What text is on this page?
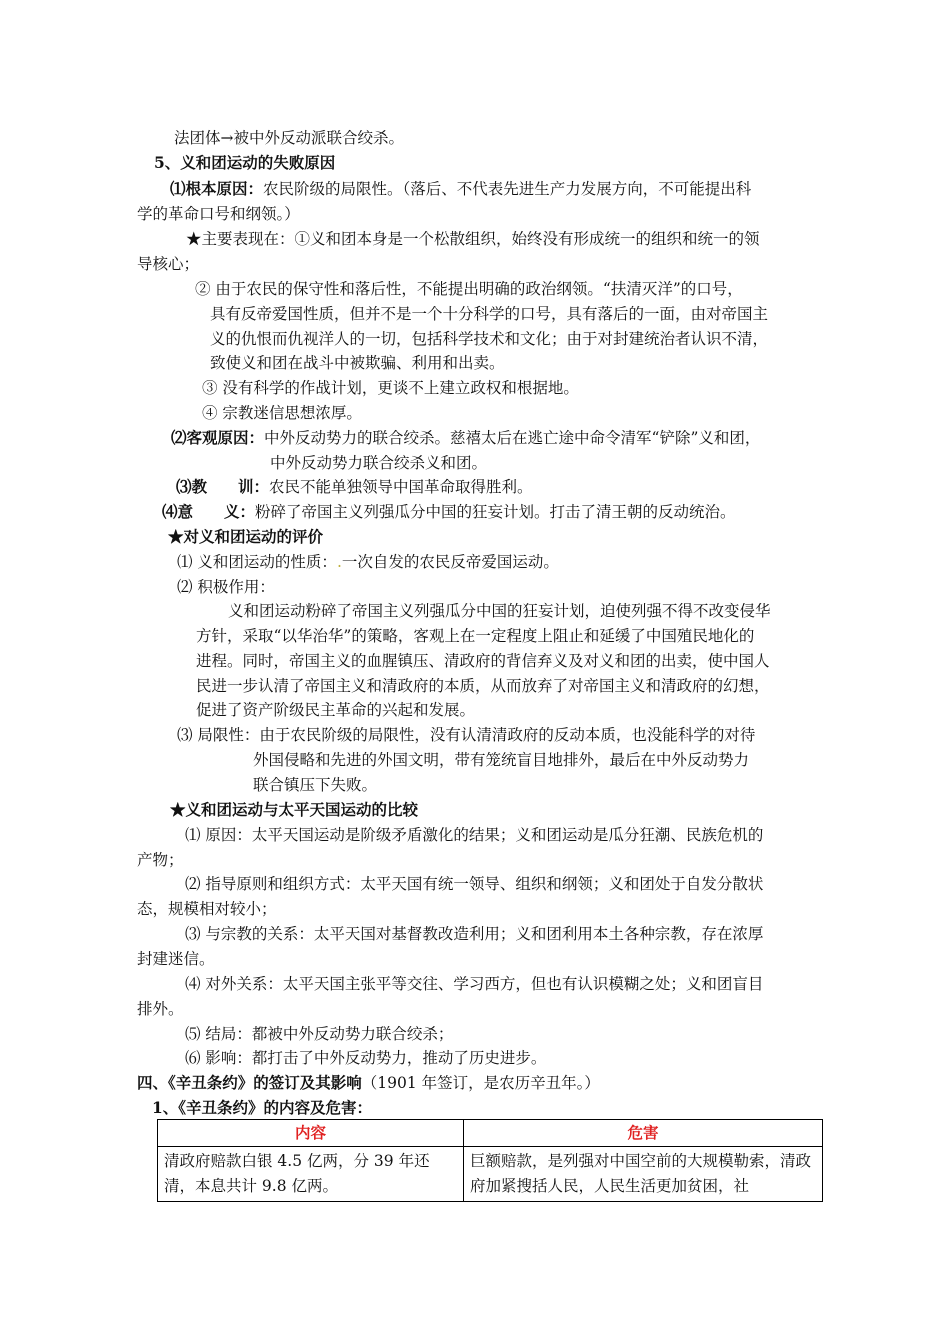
法团体→被中外反动派联合绞杀。
5、义和团运动的失败原因
⑴根本原因：农民阶级的局限性。（落后、不代表先进生产力发展方向，不可能提出科
学的革命口号和纲领。）
★主要表现在：①义和团本身是一个松散组织，始终没有形成统一的组织和统一的领
导核心；
② 由于农民的保守性和落后性，不能提出明确的政治纲领。“扶清灭洋”的口号，
具有反帝爱国性质，但并不是一个十分科学的口号，具有落后的一面，由对帝国主
义的仇恨而仇视洋人的一切，包括科学技术和文化；由于对封建统治者认识不清，
致使义和团在战斗中被欺骗、利用和出卖。
③ 没有科学的作战计划，更谈不上建立政权和根据地。
④ 宗教迷信思想浓厚。
⑵客观原因：中外反动势力的联合绞杀。慈禧太后在逃亡途中命令清军“铲除”义和团，
中外反动势力联合绞杀义和团。
⑶教　　训：农民不能单独领导中国革命取得胜利。
⑷意　　义：粉碎了帝国主义列强瓜分中国的狂妄计划。打击了清王朝的反动统治。
★对义和团运动的评价
⑴ 义和团运动的性质：.一次自发的农民反帝爱国运动。
⑵ 积极作用：
义和团运动粉碎了帝国主义列强瓜分中国的狂妄计划，迫使列强不得不改变侵华
方针，采取“以华治华”的策略，客观上在一定程度上阻止和延缓了中国殖民地化的
进程。同时，帝国主义的血腥镇压、清政府的背信弃义及对义和团的出卖，使中国人
民进一步认清了帝国主义和清政府的本质，从而放弃了对帝国主义和清政府的幻想，
促进了资产阶级民主革命的兴起和发展。
⑶ 局限性：由于农民阶级的局限性，没有认清清政府的反动本质，也没能科学的对待
外国侵略和先进的外国文明，带有笼统盲目地排外，最后在中外反动势力
联合镇压下失败。
★义和团运动与太平天国运动的比较
⑴ 原因：太平天国运动是阶级矛盾激化的结果；义和团运动是瓜分狂潮、民族危机的
产物；
⑵ 指导原则和组织方式：太平天国有统一领导、组织和纲领；义和团处于自发分散状
态，规模相对较小；
⑶ 与宗教的关系：太平天国对基督教改造利用；义和团利用本土各种宗教，存在浓厚
封建迷信。
⑷ 对外关系：太平天国主张平等交往、学习西方，但也有认识模糊之处；义和团盲目
排外。
⑸ 结局：都被中外反动势力联合绞杀；
⑹ 影响：都打击了中外反动势力，推动了历史进步。
四、《辛丑条约》的签订及其影响（1901 年签订，是农历辛丑年。）
1、《辛丑条约》的内容及危害：
内容	危害
清政府赔款白银 4.5 亿两，分 39 年还清，本息共计 9.8 亿两。	巨额赔款，是列强对中国空前的大规模勒索，清政府加紧搜括人民，人民生活更加贫困，社
